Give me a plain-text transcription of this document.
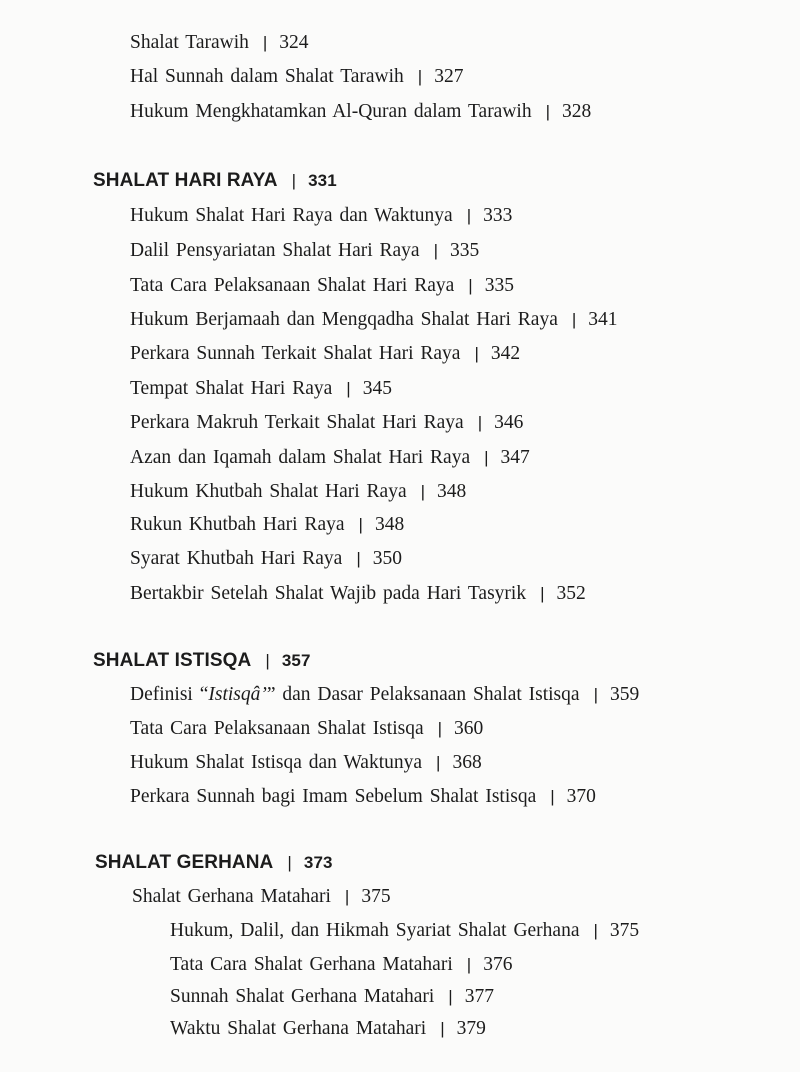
Shalat Tarawih | 324
Hal Sunnah dalam Shalat Tarawih | 327
Hukum Mengkhatamkan Al-Quran dalam Tarawih | 328
SHALAT HARI RAYA | 331
Hukum Shalat Hari Raya dan Waktunya | 333
Dalil Pensyariatan Shalat Hari Raya | 335
Tata Cara Pelaksanaan Shalat Hari Raya | 335
Hukum Berjamaah dan Mengqadha Shalat Hari Raya | 341
Perkara Sunnah Terkait Shalat Hari Raya | 342
Tempat Shalat Hari Raya | 345
Perkara Makruh Terkait Shalat Hari Raya | 346
Azan dan Iqamah dalam Shalat Hari Raya | 347
Hukum Khutbah Shalat Hari Raya | 348
Rukun Khutbah Hari Raya | 348
Syarat Khutbah Hari Raya | 350
Bertakbir Setelah Shalat Wajib pada Hari Tasyrik | 352
SHALAT ISTISQA | 357
Definisi “Istisqâ’” dan Dasar Pelaksanaan Shalat Istisqa | 359
Tata Cara Pelaksanaan Shalat Istisqa | 360
Hukum Shalat Istisqa dan Waktunya | 368
Perkara Sunnah bagi Imam Sebelum Shalat Istisqa | 370
SHALAT GERHANA | 373
Shalat Gerhana Matahari | 375
Hukum, Dalil, dan Hikmah Syariat Shalat Gerhana | 375
Tata Cara Shalat Gerhana Matahari | 376
Sunnah Shalat Gerhana Matahari | 377
Waktu Shalat Gerhana Matahari | 379
